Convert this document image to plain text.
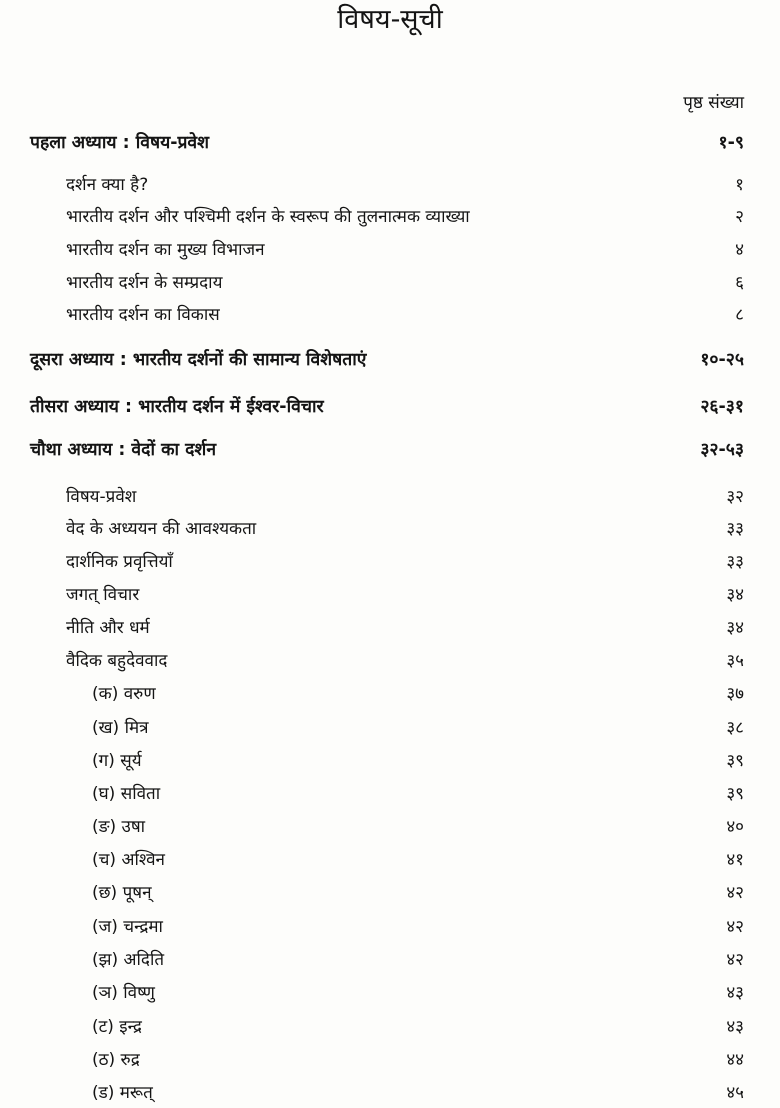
विषय-सूची
पृष्ठ संख्या
पहला अध्याय : विषय-प्रवेश	१-९
दर्शन क्या है?	१
भारतीय दर्शन और पश्चिमी दर्शन के स्वरूप की तुलनात्मक व्याख्या	२
भारतीय दर्शन का मुख्य विभाजन	४
भारतीय दर्शन के सम्प्रदाय	६
भारतीय दर्शन का विकास	८
दूसरा अध्याय : भारतीय दर्शनों की सामान्य विशेषताएं	१०-२५
तीसरा अध्याय : भारतीय दर्शन में ईश्वर-विचार	२६-३१
चौथा अध्याय : वेदों का दर्शन	३२-५३
विषय-प्रवेश	३२
वेद के अध्ययन की आवश्यकता	३३
दार्शनिक प्रवृत्तियाँ	३३
जगत् विचार	३४
नीति और धर्म	३४
वैदिक बहुदेववाद	३५
(क) वरुण	३७
(ख) मित्र	३८
(ग) सूर्य	३९
(घ) सविता	३९
(ङ) उषा	४०
(च) अश्विन	४१
(छ) पूषन्	४२
(ज) चन्द्रमा	४२
(झ) अदिति	४२
(ञ) विष्णु	४३
(ट) इन्द्र	४३
(ठ) रुद्र	४४
(ड) मरूत्	४५
